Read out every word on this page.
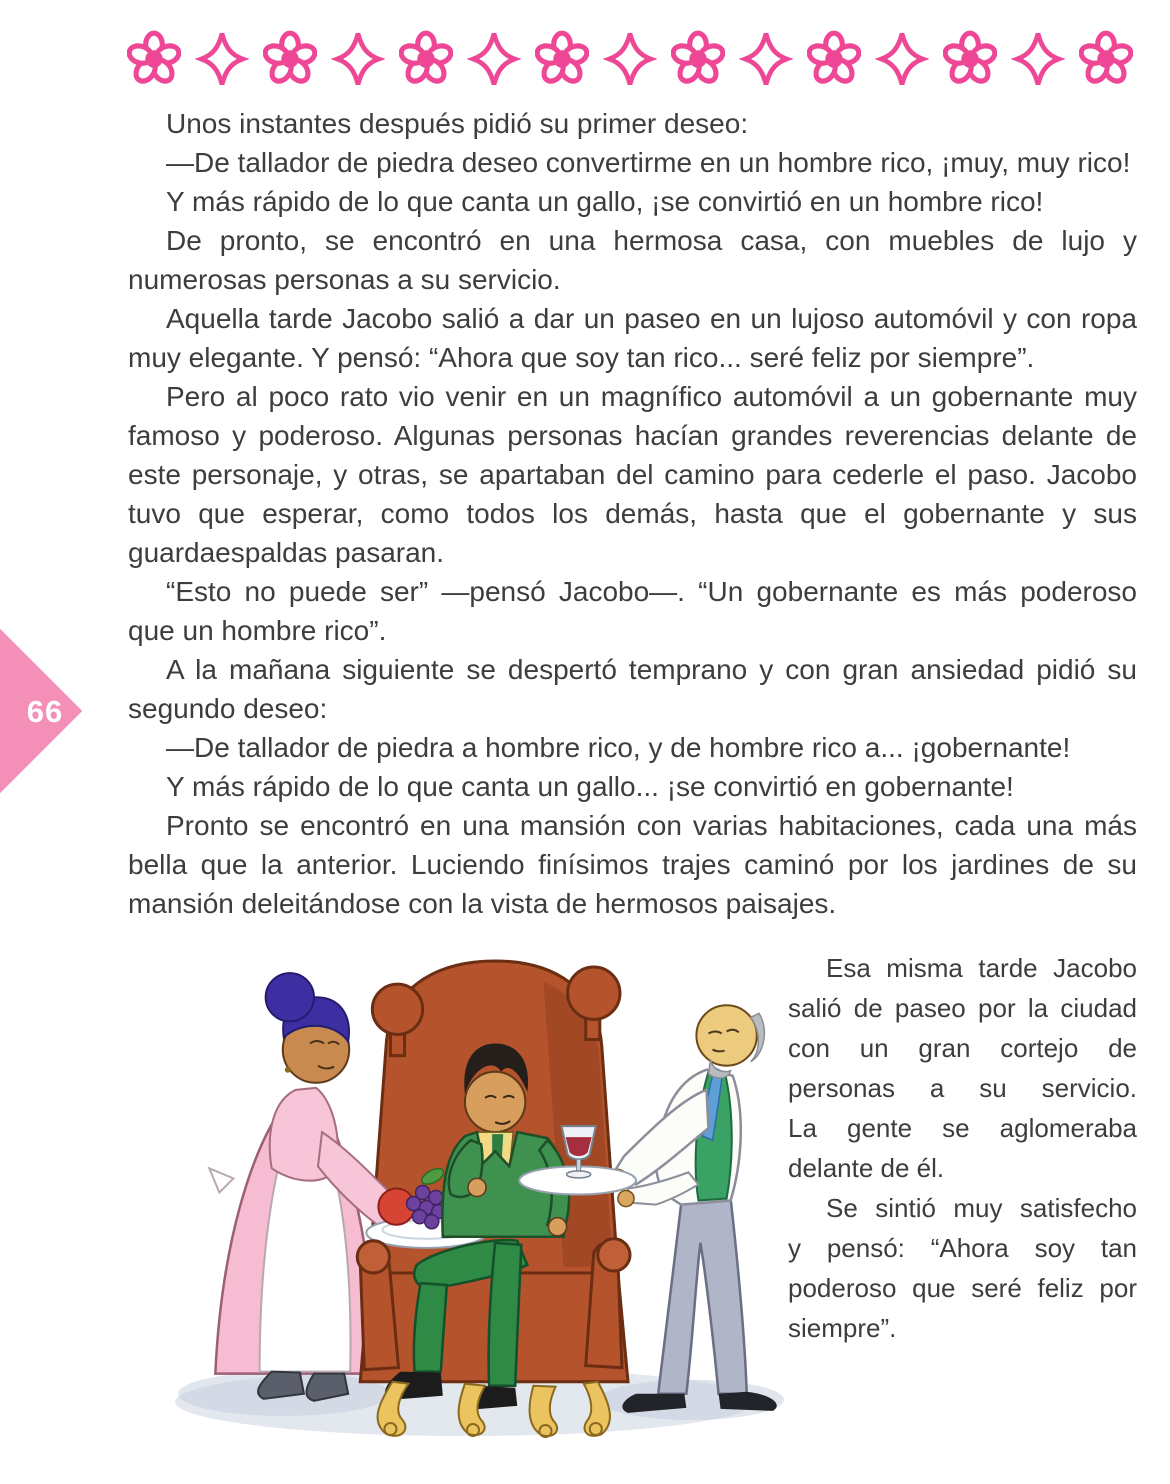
66

Unos instantes después pidió su primer deseo:

—De tallador de piedra deseo convertirme en un hombre rico, ¡muy, muy rico!

Y más rápido de lo que canta un gallo, ¡se convirtió en un hombre rico!

De pronto, se encontró en una hermosa casa, con muebles de lujo y numerosas personas a su servicio.

Aquella tarde Jacobo salió a dar un paseo en un lujoso automóvil y con ropa muy elegante. Y pensó: “Ahora que soy tan rico... seré feliz por siempre”.

Pero al poco rato vio venir en un magnífico automóvil a un gobernante muy famoso y poderoso. Algunas personas hacían grandes reverencias delante de este personaje, y otras, se apartaban del camino para cederle el paso. Jacobo tuvo que esperar, como todos los demás, hasta que el gobernante y sus guardaespaldas pasaran.

“Esto no puede ser” —pensó Jacobo—. “Un gobernante es más poderoso que un hombre rico”.

A la mañana siguiente se despertó temprano y con gran ansiedad pidió su segundo deseo:

—De tallador de piedra a hombre rico, y de hombre rico a... ¡gobernante!

Y más rápido de lo que canta un gallo... ¡se convirtió en gobernante!

Pronto se encontró en una mansión con varias habitaciones, cada una más bella que la anterior. Luciendo finísimos trajes caminó por los jardines de su mansión deleitándose con la vista de hermosos paisajes.

Esa misma tarde Jacobo
salió de paseo por la ciudad
con un gran cortejo de
personas a su servicio.
La gente se aglomeraba
delante de él.
Se sintió muy satisfecho
y pensó: “Ahora soy tan
poderoso que seré feliz por
siempre”.
